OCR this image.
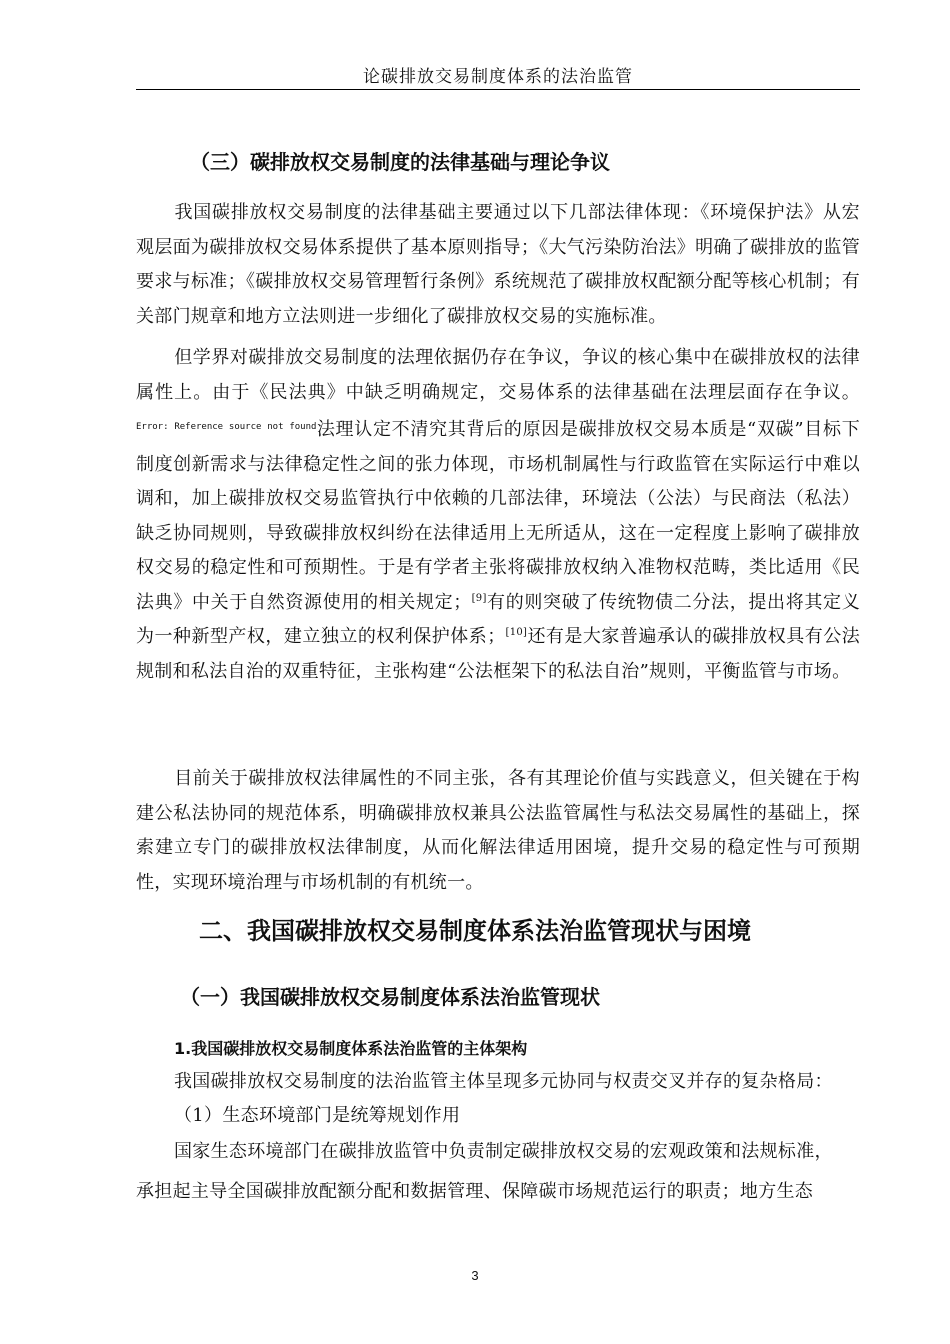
论碳排放交易制度体系的法治监管
（三）碳排放权交易制度的法律基础与理论争议

我国碳排放权交易制度的法律基础主要通过以下几部法律体现：《环境保护法》从宏观层面为碳排放权交易体系提供了基本原则指导；《大气污染防治法》明确了碳排放的监管要求与标准；《碳排放权交易管理暂行条例》系统规范了碳排放权配额分配等核心机制；有关部门规章和地方立法则进一步细化了碳排放权交易的实施标准。

但学界对碳排放交易制度的法理依据仍存在争议，争议的核心集中在碳排放权的法律属性上。由于《民法典》中缺乏明确规定，交易体系的法律基础在法理层面存在争议。$^{Error: Reference source not found}$法理认定不清究其背后的原因是碳排放权交易本质是“双碳”目标下制度创新需求与法律稳定性之间的张力体现，市场机制属性与行政监管在实际运行中难以调和，加上碳排放权交易监管执行中依赖的几部法律，环境法（公法）与民商法（私法）缺乏协同规则，导致碳排放权纠纷在法律适用上无所适从，这在一定程度上影响了碳排放权交易的稳定性和可预期性。于是有学者主张将碳排放权纳入准物权范畴，类比适用《民法典》中关于自然资源使用的相关规定；[9]有的则突破了传统物债二分法，提出将其定义为一种新型产权，建立独立的权利保护体系；[10]还有是大家普遍承认的碳排放权具有公法规制和私法自治的双重特征，主张构建“公法框架下的私法自治”规则，平衡监管与市场。

目前关于碳排放权法律属性的不同主张，各有其理论价值与实践意义，但关键在于构建公私法协同的规范体系，明确碳排放权兼具公法监管属性与私法交易属性的基础上，探索建立专门的碳排放权法律制度，从而化解法律适用困境，提升交易的稳定性与可预期性，实现环境治理与市场机制的有机统一。

二、我国碳排放权交易制度体系法治监管现状与困境
（一）我国碳排放权交易制度体系法治监管现状
1.我国碳排放权交易制度体系法治监管的主体架构
我国碳排放权交易制度的法治监管主体呈现多元协同与权责交叉并存的复杂格局：
（1）生态环境部门是统筹规划作用
国家生态环境部门在碳排放监管中负责制定碳排放权交易的宏观政策和法规标准，
承担起主导全国碳排放配额分配和数据管理、保障碳市场规范运行的职责；地方生态
3
